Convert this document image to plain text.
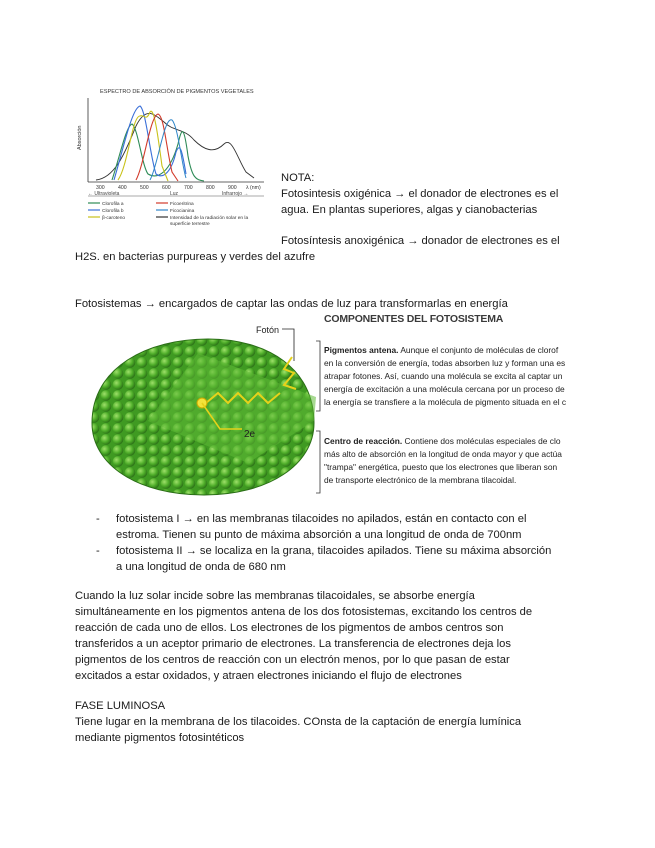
ESPECTRO DE ABSORCIÓN DE PIGMENTOS VEGETALES
Absorción
300	400	500	600	700	800	900 λ (nm)
← Ultravioleta	Luz	Infrarrojo →
Clorofila a
Clorofila b
β-caroteno
Ficoeritrina
Ficocianina
Intensidad de la radiación solar en la
superficie terrestre
NOTA:
Fotosintesis oxigénica → el donador de electrones es el
agua. En plantas superiores, algas y cianobacterias
Fotosíntesis anoxigénica → donador de electrones es el
H2S. en bacterias purpureas y verdes del azufre
Fotosistemas → encargados de captar las ondas de luz para transformarlas en energía
Fotón
2e
COMPONENTES DEL FOTOSISTEMA
Pigmentos antena. Aunque el conjunto de moléculas de clorof
en la conversión de energía, todas absorben luz y forman una es
atrapar fotones. Así, cuando una molécula se excita al captar un
energía de excitación a una molécula cercana por un proceso de
la energía se transfiere a la molécula de pigmento situada en el c
Centro de reacción. Contiene dos moléculas especiales de clo
más alto de absorción en la longitud de onda mayor y que actúa
"trampa" energética, puesto que los electrones que liberan son
de transporte electrónico de la membrana tilacoidal.
- fotosistema I → en las membranas tilacoides no apilados, están en contacto con el
estroma. Tienen su punto de máxima absorción a una longitud de onda de 700nm
- fotosistema II → se localiza en la grana, tilacoides apilados. Tiene su máxima absorción
a una longitud de onda de 680 nm
Cuando la luz solar incide sobre las membranas tilacoidales, se absorbe energía
simultáneamente en los pigmentos antena de los dos fotosistemas, excitando los centros de
reacción de cada uno de ellos. Los electrones de los pigmentos de ambos centros son
transferidos a un aceptor primario de electrones. La transferencia de electrones deja los
pigmentos de los centros de reacción con un electrón menos, por lo que pasan de estar
excitados a estar oxidados, y atraen electrones iniciando el flujo de electrones
FASE LUMINOSA
Tiene lugar en la membrana de los tilacoides. COnsta de la captación de energía lumínica
mediante pigmentos fotosintéticos
